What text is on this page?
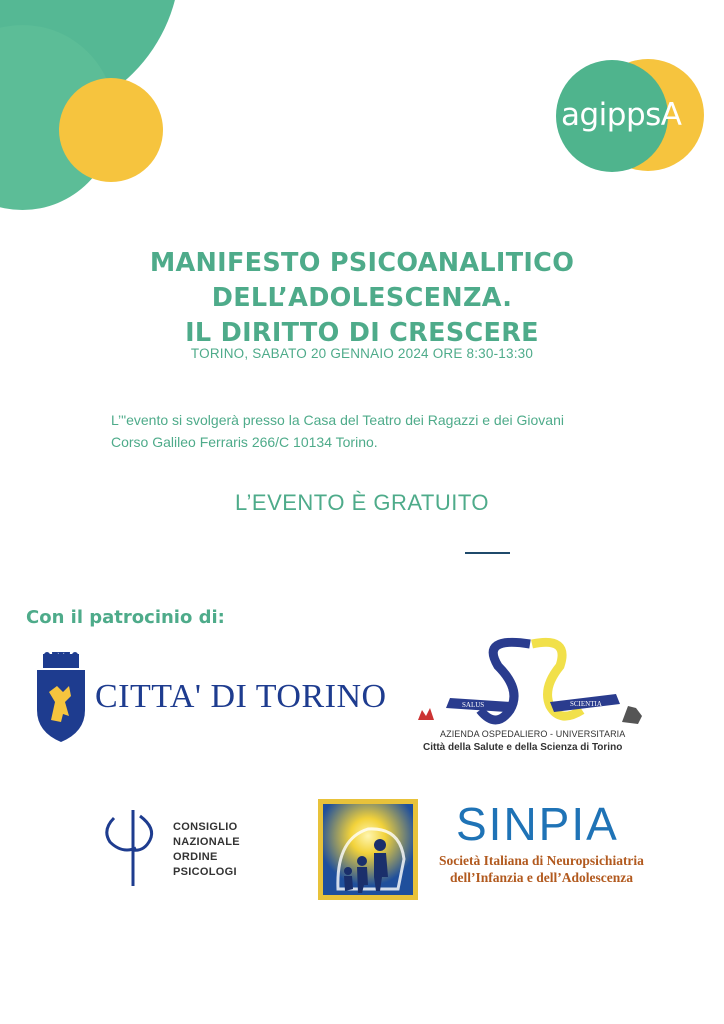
agippsA
MANIFESTO PSICOANALITICO DELL’ADOLESCENZA.
IL DIRITTO DI CRESCERE
TORINO, SABATO 20 GENNAIO 2024 ORE 8:30-13:30
L’"evento si svolgerà presso la Casa del Teatro dei Ragazzi e dei Giovani
Corso Galileo Ferraris 266/C 10134 Torino.
L’EVENTO È GRATUITO
Con il patrocinio di:
CITTA' DI TORINO	SALUS	SCIENTIA
AZIENDA OSPEDALIERO - UNIVERSITARIA
Città della Salute e della Scienza di Torino
CONSIGLIO
NAZIONALE
ORDINE
PSICOLOGI
SINPIA
Società Italiana di Neuropsichiatria
dell’Infanzia e dell’Adolescenza
